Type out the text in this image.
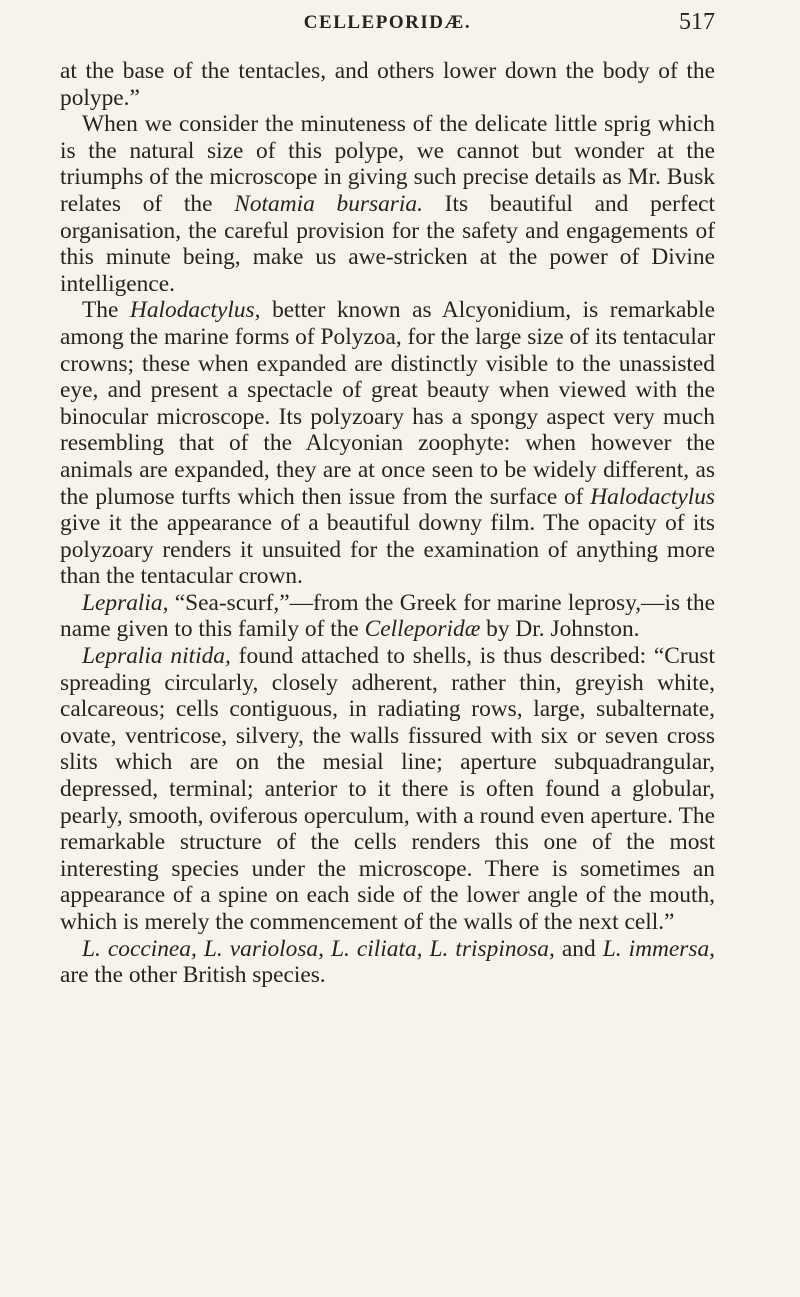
CELLEPORIDÆ.	517

at the base of the tentacles, and others lower down the body of the polype.”

When we consider the minuteness of the delicate little sprig which is the natural size of this polype, we cannot but wonder at the triumphs of the microscope in giving such precise details as Mr. Busk relates of the Notamia bursaria. Its beautiful and perfect organisation, the careful provision for the safety and engagements of this minute being, make us awe-stricken at the power of Divine intelligence.

The Halodactylus, better known as Alcyonidium, is remarkable among the marine forms of Polyzoa, for the large size of its tentacular crowns; these when expanded are distinctly visible to the unassisted eye, and present a spectacle of great beauty when viewed with the binocular microscope. Its polyzoary has a spongy aspect very much resembling that of the Alcyonian zoophyte: when however the animals are expanded, they are at once seen to be widely different, as the plumose turfts which then issue from the surface of Halodactylus give it the appearance of a beautiful downy film. The opacity of its polyzoary renders it unsuited for the examination of anything more than the tentacular crown.

Lepralia, “Sea-scurf,”—from the Greek for marine leprosy,—is the name given to this family of the Celleporidæ by Dr. Johnston.

Lepralia nitida, found attached to shells, is thus described: “Crust spreading circularly, closely adherent, rather thin, greyish white, calcareous; cells contiguous, in radiating rows, large, subalternate, ovate, ventricose, silvery, the walls fissured with six or seven cross slits which are on the mesial line; aperture subquadrangular, depressed, terminal; anterior to it there is often found a globular, pearly, smooth, oviferous operculum, with a round even aperture. The remarkable structure of the cells renders this one of the most interesting species under the microscope. There is sometimes an appearance of a spine on each side of the lower angle of the mouth, which is merely the commencement of the walls of the next cell.”

L. coccinea, L. variolosa, L. ciliata, L. trispinosa, and L. immersa, are the other British species.
